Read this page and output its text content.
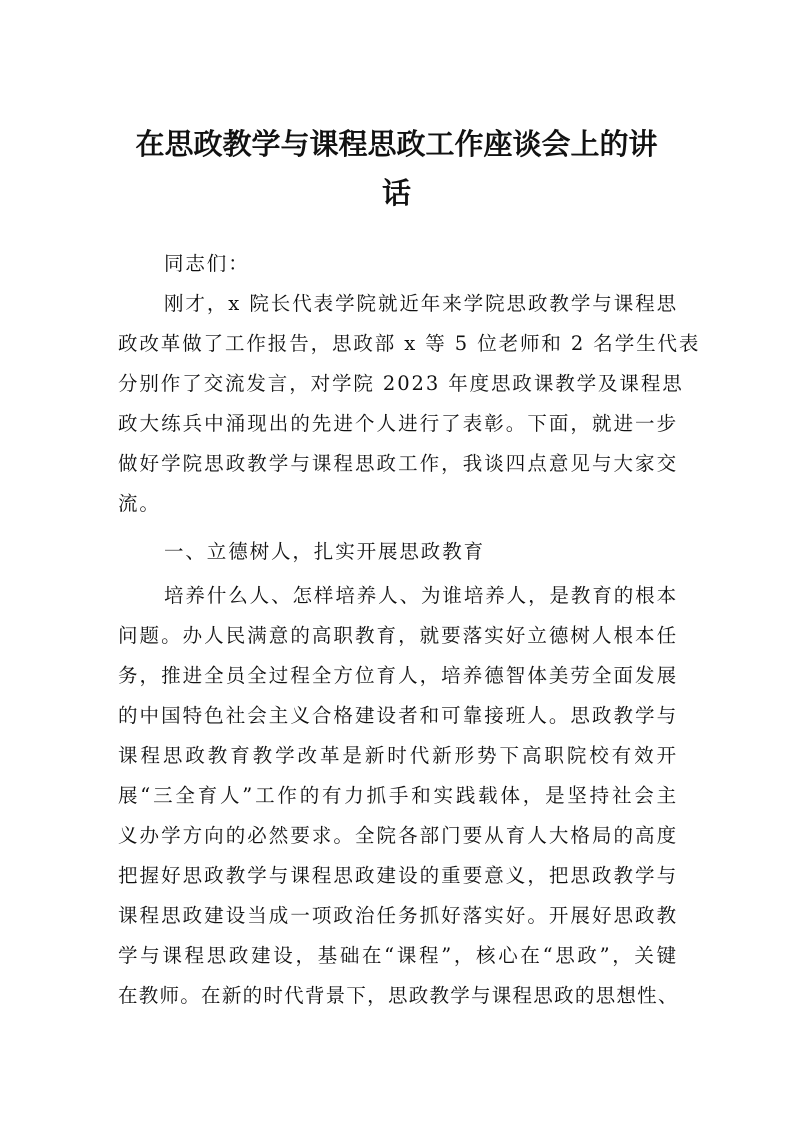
在思政教学与课程思政工作座谈会上的讲
话
同志们：
刚才，x 院长代表学院就近年来学院思政教学与课程思
政改革做了工作报告，思政部 x 等 5 位老师和 2 名学生代表
分别作了交流发言，对学院 2023 年度思政课教学及课程思
政大练兵中涌现出的先进个人进行了表彰。下面，就进一步
做好学院思政教学与课程思政工作，我谈四点意见与大家交
流。
一、立德树人，扎实开展思政教育
培养什么人、怎样培养人、为谁培养人，是教育的根本
问题。办人民满意的高职教育，就要落实好立德树人根本任
务，推进全员全过程全方位育人，培养德智体美劳全面发展
的中国特色社会主义合格建设者和可靠接班人。思政教学与
课程思政教育教学改革是新时代新形势下高职院校有效开
展“三全育人”工作的有力抓手和实践载体，是坚持社会主
义办学方向的必然要求。全院各部门要从育人大格局的高度
把握好思政教学与课程思政建设的重要意义，把思政教学与
课程思政建设当成一项政治任务抓好落实好。开展好思政教
学与课程思政建设，基础在“课程”，核心在“思政”，关键
在教师。在新的时代背景下，思政教学与课程思政的思想性、
